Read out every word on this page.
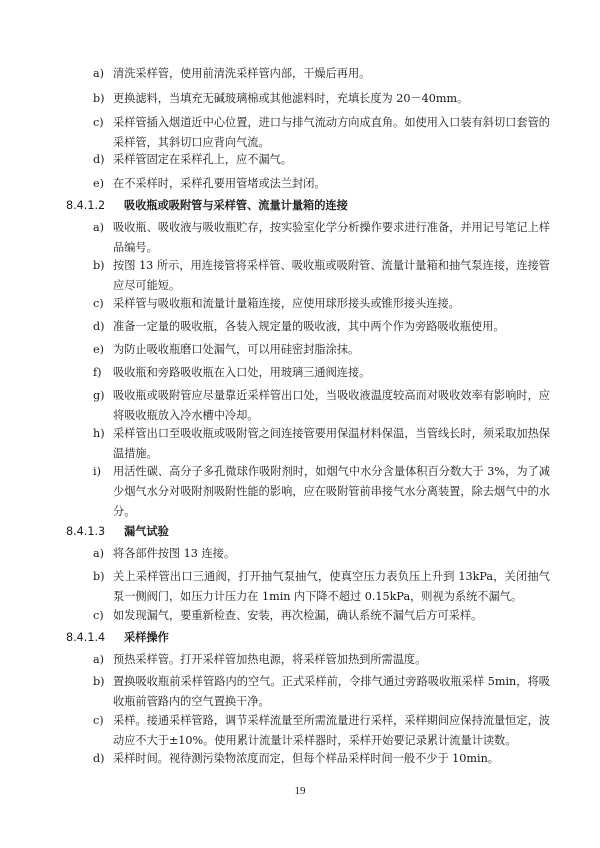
a) 清洗采样管，使用前清洗采样管内部，干燥后再用。
b) 更换滤料，当填充无碱玻璃棉或其他滤料时，充填长度为 20－40mm。
c) 采样管插入烟道近中心位置，进口与排气流动方向成直角。如使用入口装有斜切口套管的采样管，其斜切口应背向气流。
d) 采样管固定在采样孔上，应不漏气。
e) 在不采样时，采样孔要用管堵或法兰封闭。
8.4.1.2 吸收瓶或吸附管与采样管、流量计量箱的连接
a) 吸收瓶、吸收液与吸收瓶贮存，按实验室化学分析操作要求进行准备，并用记号笔记上样品编号。
b) 按图 13 所示，用连接管将采样管、吸收瓶或吸附管、流量计量箱和抽气泵连接，连接管应尽可能短。
c) 采样管与吸收瓶和流量计量箱连接，应使用球形接头或锥形接头连接。
d) 准备一定量的吸收瓶，各装入规定量的吸收液，其中两个作为旁路吸收瓶使用。
e) 为防止吸收瓶磨口处漏气，可以用硅密封脂涂抹。
f)	吸收瓶和旁路吸收瓶在入口处，用玻璃三通阀连接。
g) 吸收瓶或吸附管应尽量靠近采样管出口处，当吸收液温度较高而对吸收效率有影响时，应将吸收瓶放入冷水槽中冷却。
h) 采样管出口至吸收瓶或吸附管之间连接管要用保温材料保温，当管线长时，须采取加热保温措施。
i)	用活性碳、高分子多孔微球作吸附剂时，如烟气中水分含量体积百分数大于 3%，为了减少烟气水分对吸附剂吸附性能的影响，应在吸附管前串接气水分离装置，除去烟气中的水分。
8.4.1.3 漏气试验
a) 将各部件按图 13 连接。
b) 关上采样管出口三通阀，打开抽气泵抽气，使真空压力表负压上升到 13kPa，关闭抽气泵一侧阀门，如压力计压力在 1min 内下降不超过 0.15kPa，则视为系统不漏气。
c) 如发现漏气，要重新检查、安装，再次检漏，确认系统不漏气后方可采样。
8.4.1.4 采样操作
a) 预热采样管。打开采样管加热电源，将采样管加热到所需温度。
b) 置换吸收瓶前采样管路内的空气。正式采样前，令排气通过旁路吸收瓶采样 5min，将吸收瓶前管路内的空气置换干净。
c) 采样。接通采样管路，调节采样流量至所需流量进行采样，采样期间应保持流量恒定，波动应不大于±10%。使用累计流量计采样器时，采样开始要记录累计流量计读数。
d) 采样时间。视待测污染物浓度而定，但每个样品采样时间一般不少于 10min。
19
